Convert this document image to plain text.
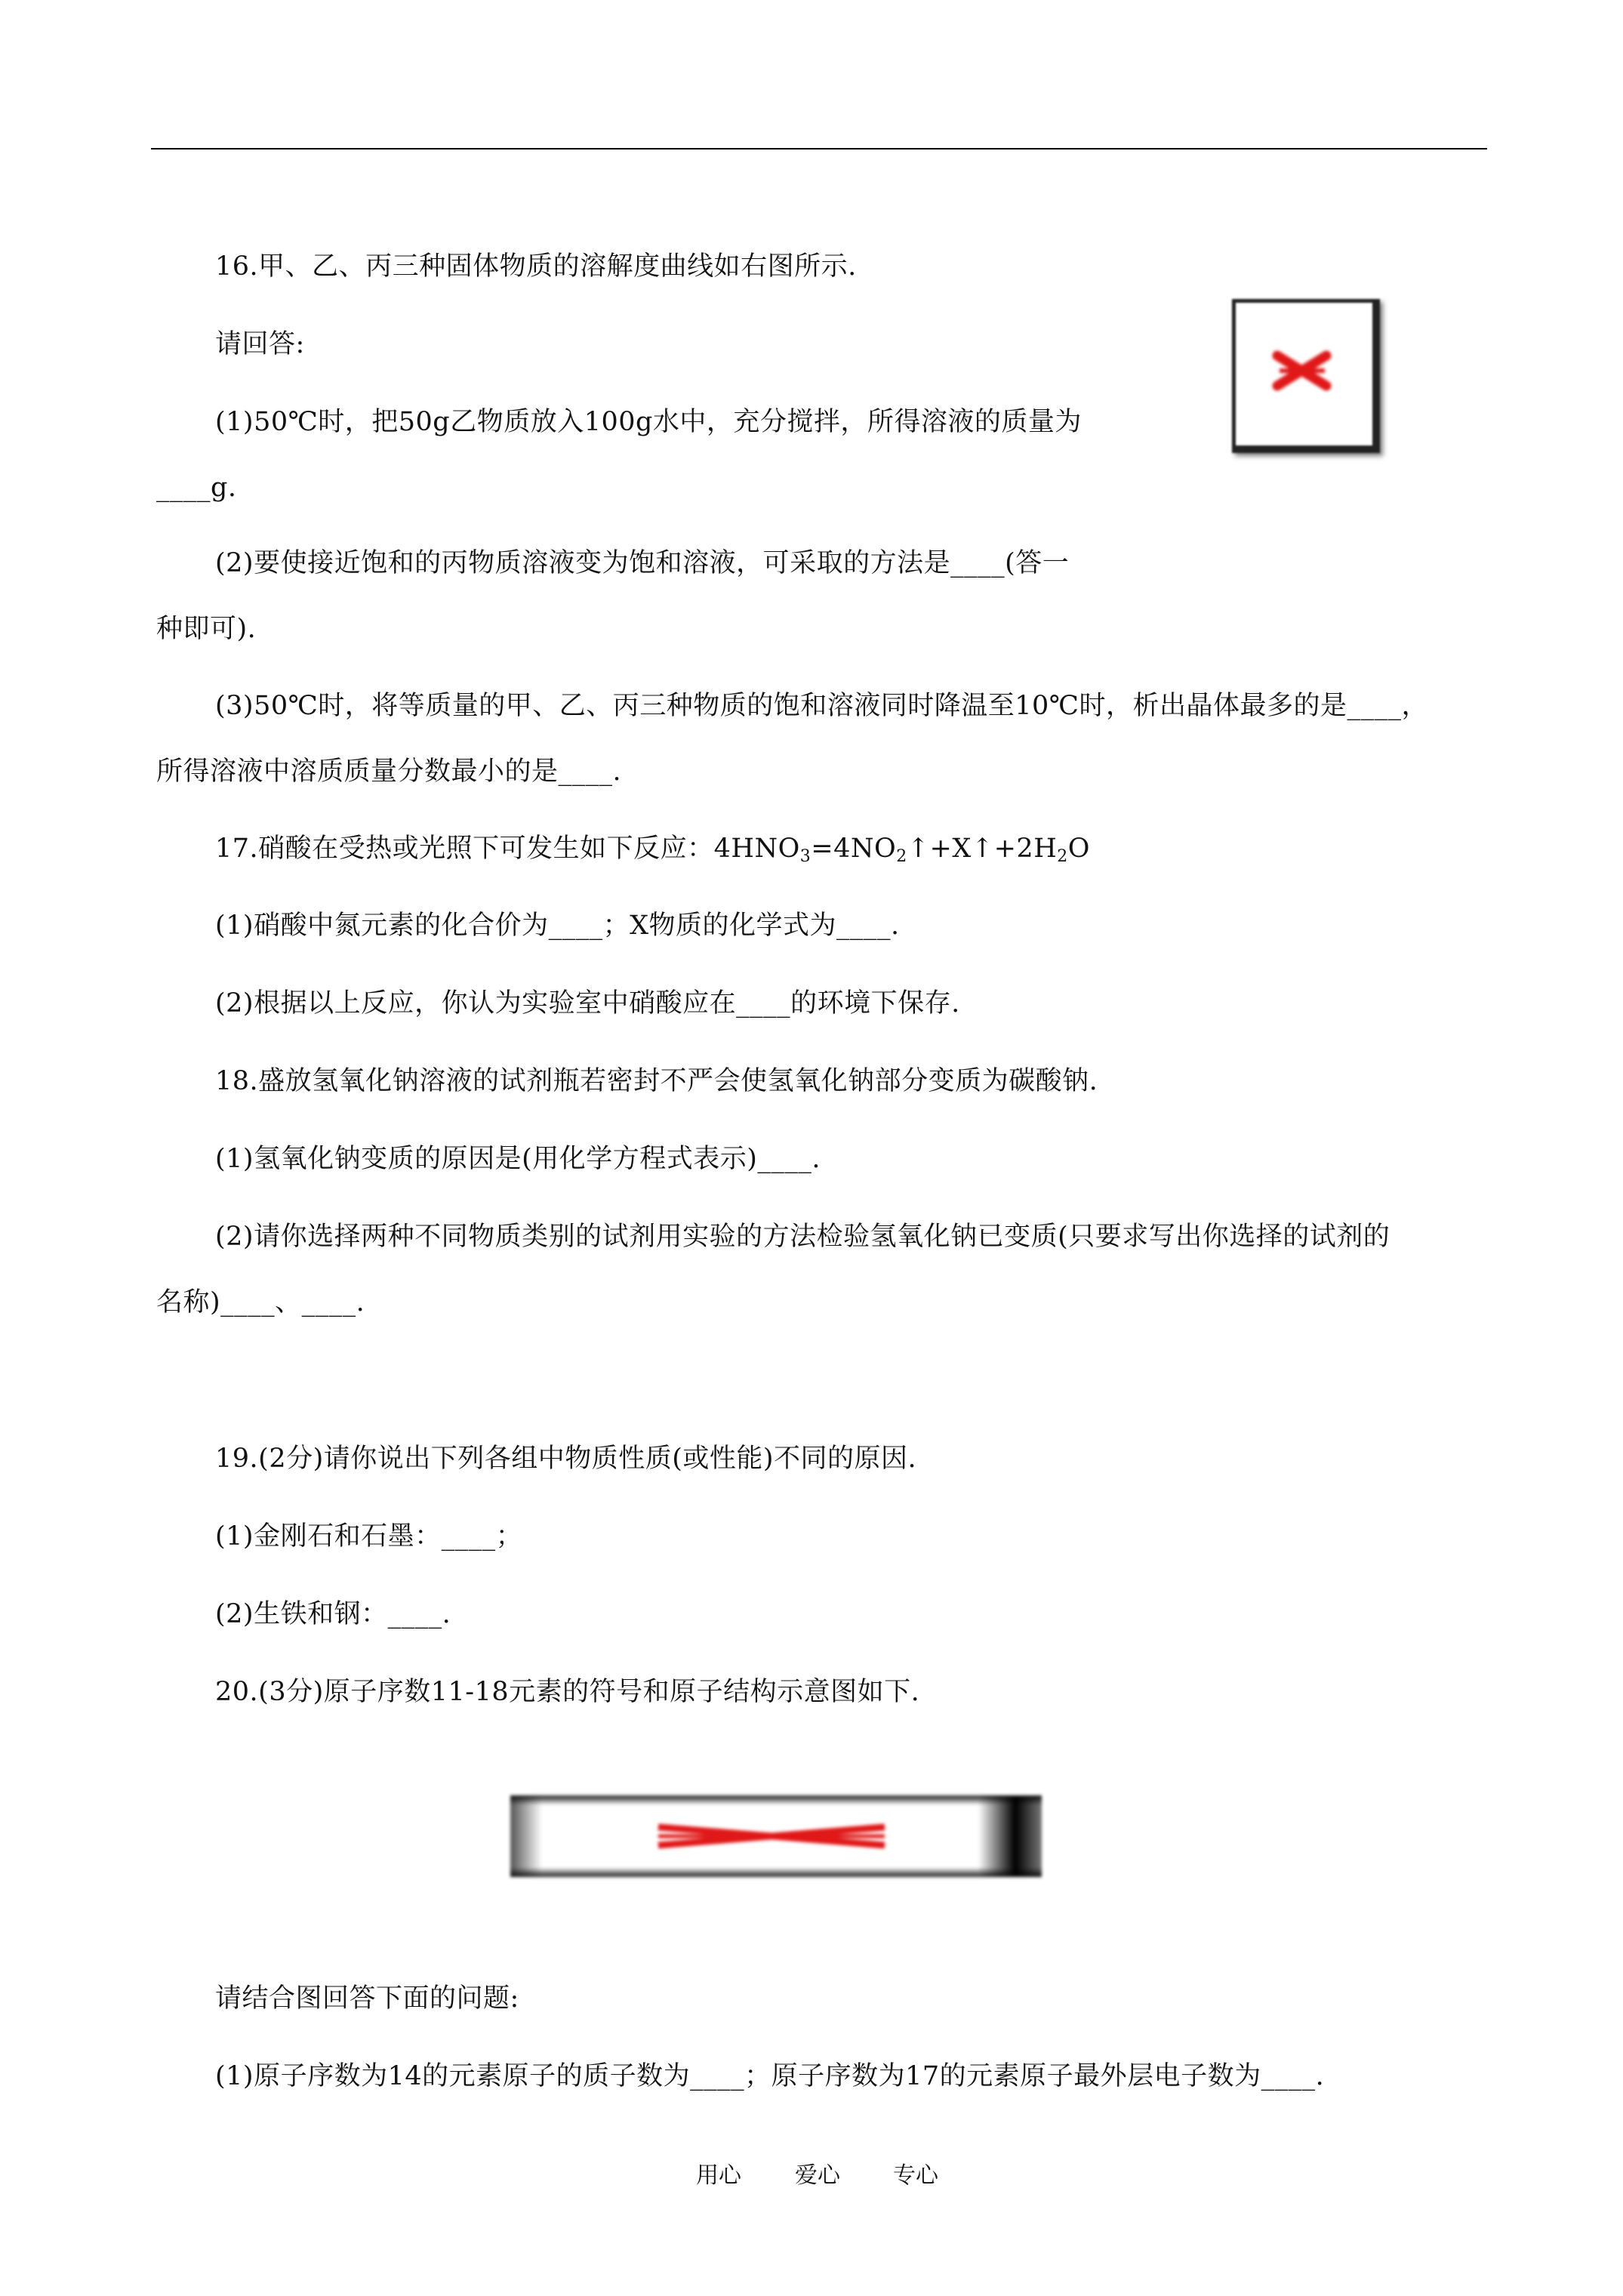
16.甲、乙、丙三种固体物质的溶解度曲线如右图所示.
请回答:
(1)50℃时，把50g乙物质放入100g水中，充分搅拌，所得溶液的质量为
____g.
(2)要使接近饱和的丙物质溶液变为饱和溶液，可采取的方法是____(答一
种即可).
(3)50℃时，将等质量的甲、乙、丙三种物质的饱和溶液同时降温至10℃时，析出晶体最多的是____，
所得溶液中溶质质量分数最小的是____.
17.硝酸在受热或光照下可发生如下反应：$4HNO_3=4NO_2↑+X↑+2H_2O$
(1)硝酸中氮元素的化合价为____；X物质的化学式为____.
(2)根据以上反应，你认为实验室中硝酸应在____的环境下保存.
18.盛放氢氧化钠溶液的试剂瓶若密封不严会使氢氧化钠部分变质为碳酸钠.
(1)氢氧化钠变质的原因是(用化学方程式表示)____.
(2)请你选择两种不同物质类别的试剂用实验的方法检验氢氧化钠已变质(只要求写出你选择的试剂的
名称)____、____.
19.(2分)请你说出下列各组中物质性质(或性能)不同的原因.
(1)金刚石和石墨：____；
(2)生铁和钢：____.
20.(3分)原子序数11-18元素的符号和原子结构示意图如下.
请结合图回答下面的问题:
(1)原子序数为14的元素原子的质子数为____；原子序数为17的元素原子最外层电子数为____.
用心 爱心 专心
